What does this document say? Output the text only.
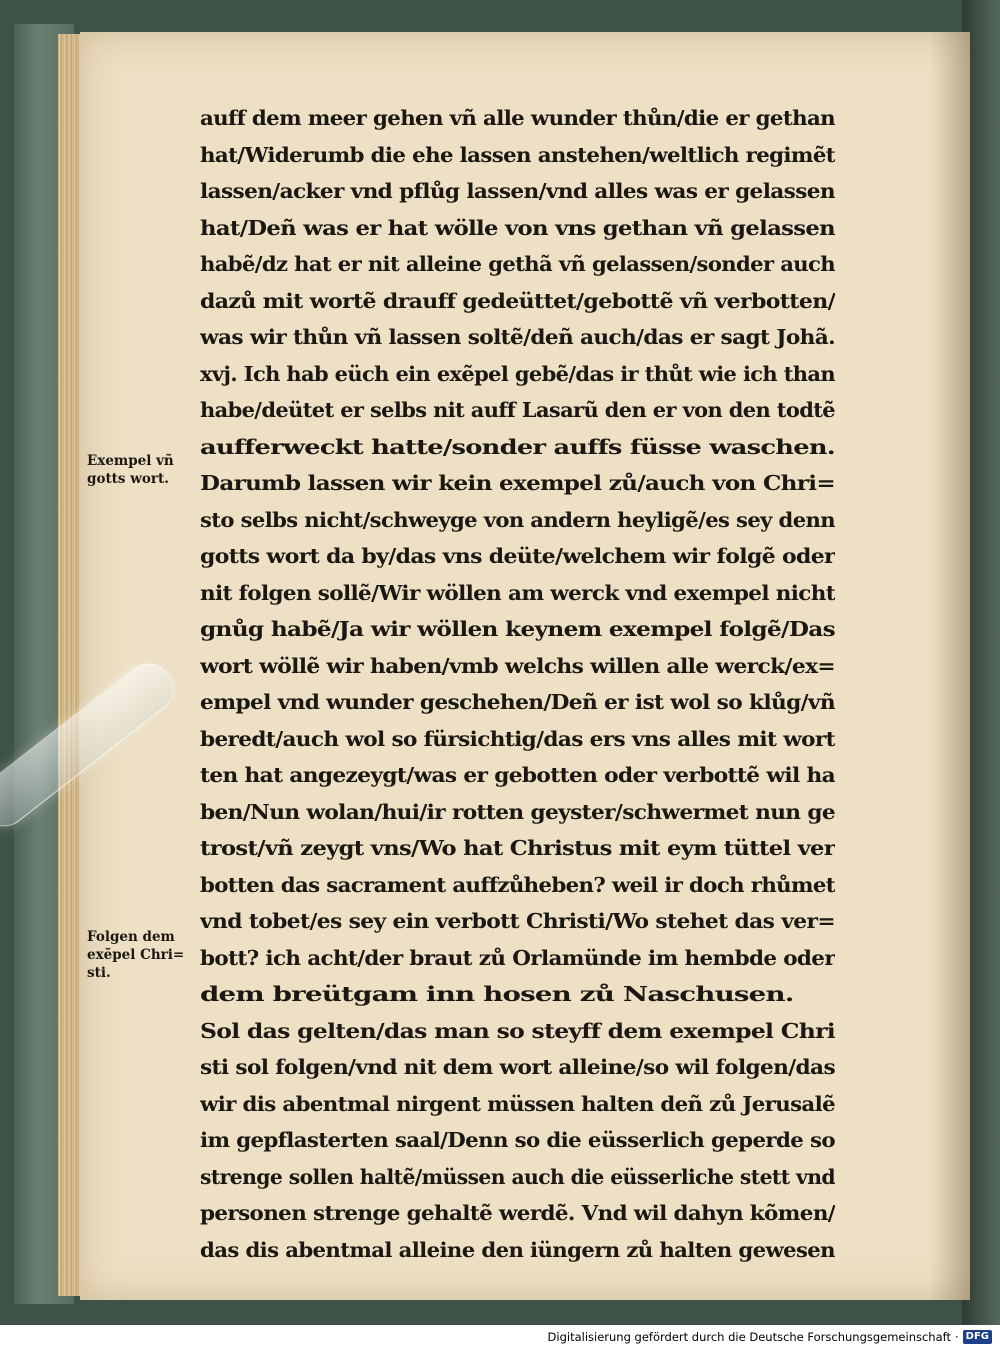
auff dem meer gehen vñ alle wunder thůn/die er gethan
hat/Widerumb die ehe lassen anstehen/weltlich regimẽt
lassen/acker vnd pflůg lassen/vnd alles was er gelassen
hat/Deñ was er hat wölle von vns gethan vñ gelassen
habẽ/dz hat er nit alleine gethã vñ gelassen/sonder auch
dazů mit wortẽ drauff gedeüttet/gebottẽ vñ verbotten/
was wir thůn vñ lassen soltẽ/deñ auch/das er sagt Johã.
xvj. Ich hab eüch ein exẽpel gebẽ/das ir thůt wie ich than
habe/deütet er selbs nit auff Lasarũ den er von den todtẽ
aufferweckt hatte/sonder auffs füsse waschen.
Darumb lassen wir kein exempel zů/auch von Chri=
sto selbs nicht/schweyge von andern heyligẽ/es sey denn
gotts wort da by/das vns deüte/welchem wir folgẽ oder
nit folgen sollẽ/Wir wöllen am werck vnd exempel nicht
gnůg habẽ/Ja wir wöllen keynem exempel folgẽ/Das
wort wöllẽ wir haben/vmb welchs willen alle werck/ex=
empel vnd wunder geschehen/Deñ er ist wol so klůg/vñ
beredt/auch wol so fürsichtig/das ers vns alles mit wort
ten hat angezeygt/was er gebotten oder verbottẽ wil ha
ben/Nun wolan/hui/ir rotten geyster/schwermet nun ge
trost/vñ zeygt vns/Wo hat Christus mit eym tüttel ver
botten das sacrament auffzůheben? weil ir doch rhůmet
vnd tobet/es sey ein verbott Christi/Wo stehet das ver=
bott? ich acht/der braut zů Orlamünde im hembde oder
dem breütgam inn hosen zů Naschusen.
Sol das gelten/das man so steyff dem exempel Chri
sti sol folgen/vnd nit dem wort alleine/so wil folgen/das
wir dis abentmal nirgent müssen halten deñ zů Jerusalẽ
im gepflasterten saal/Denn so die eüsserlich geperde so
strenge sollen haltẽ/müssen auch die eüsserliche stett vnd
personen strenge gehaltẽ werdẽ. Vnd wil dahyn kõmen/
das dis abentmal alleine den iüngern zů halten gewesen
Exempel vñ
gotts wort.
Folgen dem
exẽpel Chri=
sti.
Digitalisierung gefördert durch die Deutsche Forschungsgemeinschaft · DFG
